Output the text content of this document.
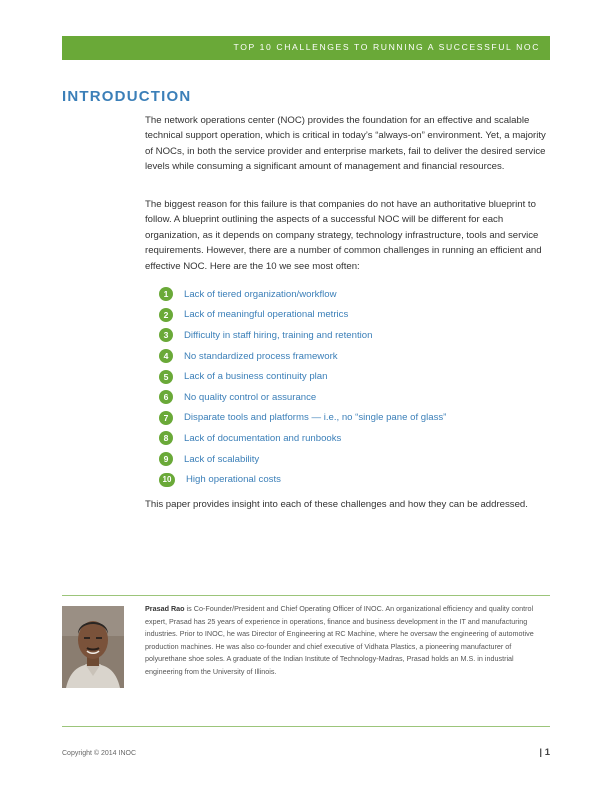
TOP 10 CHALLENGES TO RUNNING A SUCCESSFUL NOC
INTRODUCTION

The network operations center (NOC) provides the foundation for an effective and scalable technical support operation, which is critical in today’s “always-on” environment. Yet, a majority of NOCs, in both the service provider and enterprise markets, fail to deliver the desired service levels while consuming a significant amount of management and financial resources.

The biggest reason for this failure is that companies do not have an authoritative blueprint to follow. A blueprint outlining the aspects of a successful NOC will be different for each organization, as it depends on company strategy, technology infrastructure, tools and service requirements. However, there are a number of common challenges in running an efficient and effective NOC. Here are the 10 we see most often:

1	Lack of tiered organization/workflow
2	Lack of meaningful operational metrics
3	Difficulty in staff hiring, training and retention
4	No standardized process framework
5	Lack of a business continuity plan
6	No quality control or assurance
7	Disparate tools and platforms — i.e., no “single pane of glass”
8	Lack of documentation and runbooks
9	Lack of scalability
10	High operational costs

This paper provides insight into each of these challenges and how they can be addressed.

Prasad Rao is Co-Founder/President and Chief Operating Officer of INOC. An organizational efficiency and quality control expert, Prasad has 25 years of experience in operations, finance and business development in the IT and manufacturing industries. Prior to INOC, he was Director of Engineering at RC Machine, where he oversaw the engineering of automotive production machines. He was also co-founder and chief executive of Vidhata Plastics, a pioneering manufacturer of polyurethane shoe soles. A graduate of the Indian Institute of Technology-Madras, Prasad holds an M.S. in industrial engineering from the University of Illinois.

Copyright © 2014 INOC	| 1
